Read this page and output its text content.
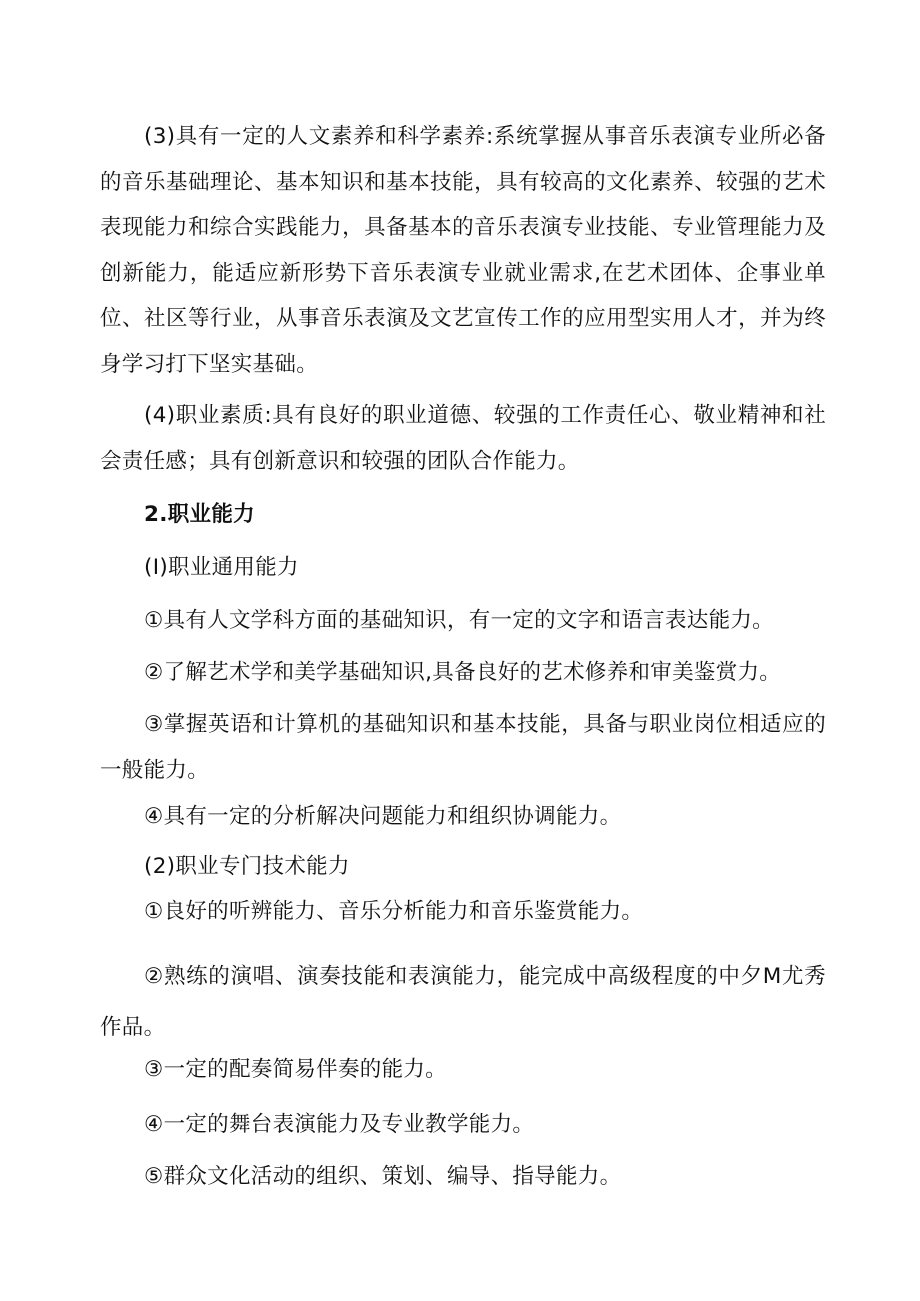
(3)具有一定的人文素养和科学素养:系统掌握从事音乐表演专业所必备的音乐基础理论、基本知识和基本技能，具有较高的文化素养、较强的艺术表现能力和综合实践能力，具备基本的音乐表演专业技能、专业管理能力及创新能力，能适应新形势下音乐表演专业就业需求,在艺术团体、企事业单位、社区等行业，从事音乐表演及文艺宣传工作的应用型实用人才，并为终身学习打下坚实基础。

(4)职业素质:具有良好的职业道德、较强的工作责任心、敬业精神和社会责任感；具有创新意识和较强的团队合作能力。

2.职业能力

(I)职业通用能力

①具有人文学科方面的基础知识，有一定的文字和语言表达能力。

②了解艺术学和美学基础知识,具备良好的艺术修养和审美鉴赏力。

③掌握英语和计算机的基础知识和基本技能，具备与职业岗位相适应的一般能力。

④具有一定的分析解决问题能力和组织协调能力。

(2)职业专门技术能力

①良好的听辨能力、音乐分析能力和音乐鉴赏能力。

②熟练的演唱、演奏技能和表演能力，能完成中高级程度的中夕M尤秀作品。

③一定的配奏简易伴奏的能力。

④一定的舞台表演能力及专业教学能力。

⑤群众文化活动的组织、策划、编导、指导能力。
